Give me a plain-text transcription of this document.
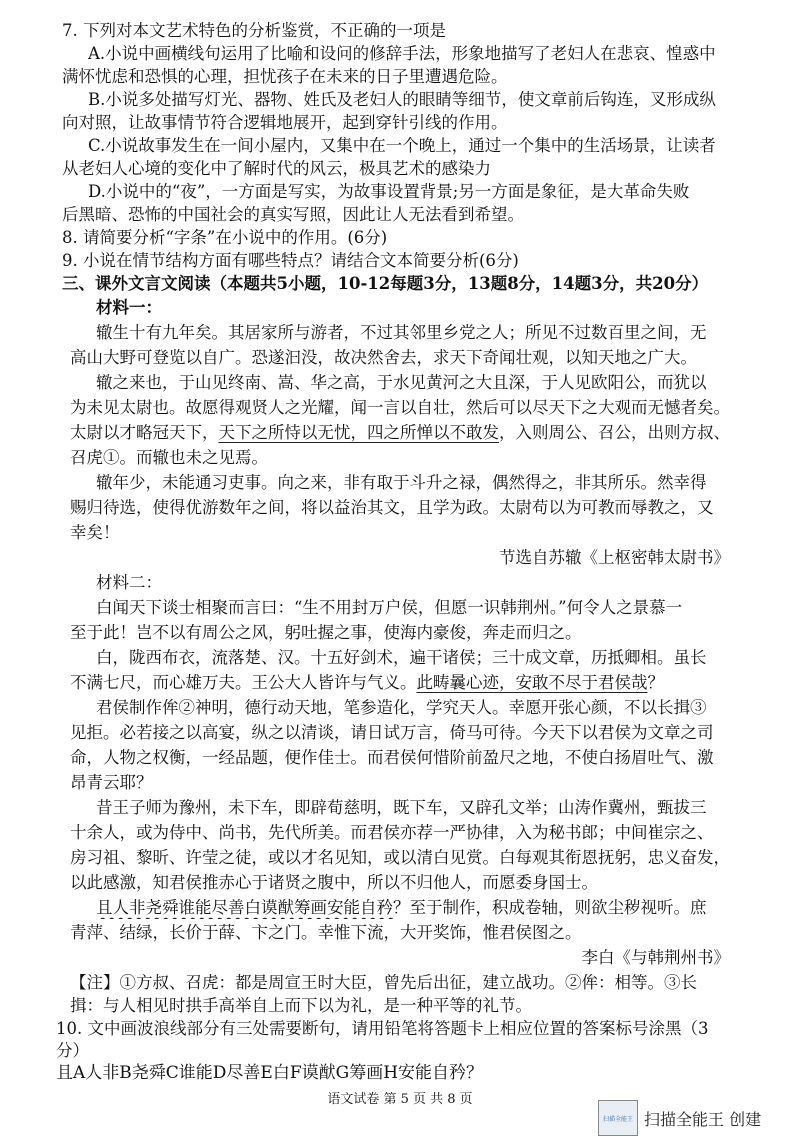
7. 下列对本文艺术特色的分析鉴赏，不正确的一项是
A.小说中画横线句运用了比喻和设问的修辞手法，形象地描写了老妇人在悲哀、惶惑中
满怀忧虑和恐惧的心理，担忧孩子在未来的日子里遭遇危险。
B.小说多处描写灯光、器物、姓氏及老妇人的眼睛等细节，使文章前后钩连，叉形成纵
向对照，让故事情节符合逻辑地展开，起到穿针引线的作用。
C.小说故事发生在一间小屋内，又集中在一个晚上，通过一个集中的生活场景，让读者
从老妇人心境的变化中了解时代的风云，极具艺术的感染力
D.小说中的“夜”，一方面是写实，为故事设置背景;另一方面是象征，是大革命失败
后黑暗、恐怖的中国社会的真实写照，因此让人无法看到希望。
8. 请简要分析“字条”在小说中的作用。(6分)
9. 小说在情节结构方面有哪些特点？请结合文本简要分析(6分)
三、课外文言文阅读（本题共5小题，10-12每题3分，13题8分，14题3分，共20分）
材料一：
辙生十有九年矣。其居家所与游者，不过其邻里乡党之人；所见不过数百里之间，无
高山大野可登览以自广。恐遂汩没，故决然舍去，求天下奇闻壮观，以知天地之广大。
辙之来也，于山见终南、嵩、华之高，于水见黄河之大且深，于人见欧阳公，而犹以
为未见太尉也。故愿得观贤人之光耀，闻一言以自壮，然后可以尽天下之大观而无憾者矣。
太尉以才略冠天下，天下之所恃以无忧，四之所惮以不敢发，入则周公、召公，出则方叔、
召虎①。而辙也未之见焉。
辙年少，未能通习吏事。向之来，非有取于斗升之禄，偶然得之，非其所乐。然幸得
赐归待选，使得优游数年之间，将以益治其文，且学为政。太尉苟以为可教而辱教之，又
幸矣！
节选自苏辙《上枢密韩太尉书》
材料二：
白闻天下谈士相聚而言曰：“生不用封万户侯，但愿一识韩荆州。”何令人之景慕一
至于此！岂不以有周公之风，躬吐握之事，使海内豪俊，奔走而归之。
白，陇西布衣，流落楚、汉。十五好剑术，遍干诸侯；三十成文章，历抵卿相。虽长
不满七尺，而心雄万夫。王公大人皆许与气义。此畴曩心迹，安敢不尽于君侯哉？
君侯制作侔②神明，德行动天地，笔参造化，学究天人。幸愿开张心颜，不以长揖③
见拒。必若接之以高宴，纵之以清谈，请日试万言，倚马可待。今天下以君侯为文章之司
命，人物之权衡，一经品题，便作佳士。而君侯何惜阶前盈尺之地，不使白扬眉吐气、激
昂青云耶？
昔王子师为豫州，未下车，即辟荀慈明，既下车，又辟孔文举；山涛作冀州，甄拔三
十余人，或为侍中、尚书，先代所美。而君侯亦荐一严协律，入为秘书郎；中间崔宗之、
房习祖、黎昕、许莹之徒，或以才名见知，或以清白见赏。白每观其衔恩抚躬，忠义奋发，
以此感激，知君侯推赤心于诸贤之腹中，所以不归他人，而愿委身国士。
且人非尧舜谁能尽善白谟猷筹画安能自矜？至于制作，积成卷轴，则欲尘秽视听。庶
青萍、结绿，长价于薛、卞之门。幸惟下流，大开奖饰，惟君侯图之。
李白《与韩荆州书》
【注】①方叔、召虎：都是周宣王时大臣，曾先后出征，建立战功。②侔：相等。③长
揖：与人相见时拱手高举自上而下以为礼，是一种平等的礼节。
10. 文中画波浪线部分有三处需要断句，请用铅笔将答题卡上相应位置的答案标号涂黑（3
分）
且A人非B尧舜C谁能D尽善E白F谟猷G筹画H安能自矜？
语文试卷 第 5 页 共 8 页
扫描全能王 扫描全能王 创建
